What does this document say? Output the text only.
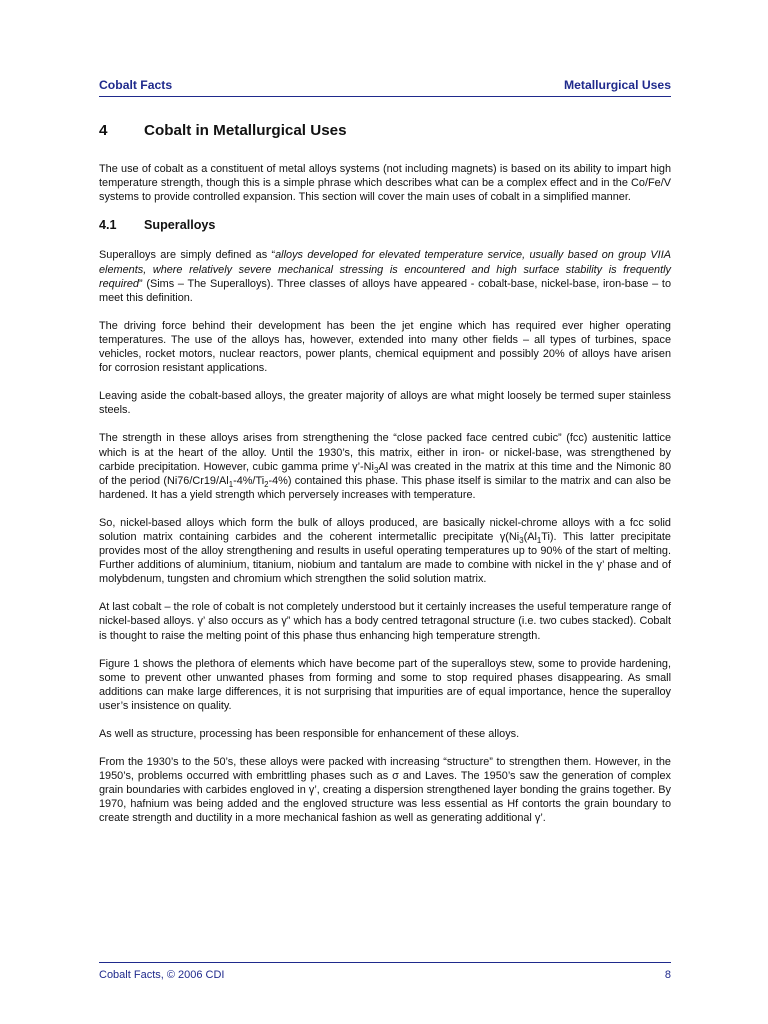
Cobalt Facts	Metallurgical Uses
4	Cobalt in Metallurgical Uses

The use of cobalt as a constituent of metal alloys systems (not including magnets) is based on its ability to impart high temperature strength, though this is a simple phrase which describes what can be a complex effect and in the Co/Fe/V systems to provide controlled expansion. This section will cover the main uses of cobalt in a simplified manner.

4.1	Superalloys

Superalloys are simply defined as “alloys developed for elevated temperature service, usually based on group VIIA elements, where relatively severe mechanical stressing is encountered and high surface stability is frequently required” (Sims – The Superalloys). Three classes of alloys have appeared - cobalt-base, nickel-base, iron-base – to meet this definition.

The driving force behind their development has been the jet engine which has required ever higher operating temperatures. The use of the alloys has, however, extended into many other fields – all types of turbines, space vehicles, rocket motors, nuclear reactors, power plants, chemical equipment and possibly 20% of alloys have arisen for corrosion resistant applications.

Leaving aside the cobalt-based alloys, the greater majority of alloys are what might loosely be termed super stainless steels.

The strength in these alloys arises from strengthening the “close packed face centred cubic” (fcc) austenitic lattice which is at the heart of the alloy. Until the 1930’s, this matrix, either in iron- or nickel-base, was strengthened by carbide precipitation. However, cubic gamma prime $\gamma’-Ni_3Al$ was created in the matrix at this time and the Nimonic 80 of the period $(Ni76/Cr19/Al_1-4\%/Ti_2-4\%)$ contained this phase. This phase itself is similar to the matrix and can also be hardened. It has a yield strength which perversely increases with temperature.

So, nickel-based alloys which form the bulk of alloys produced, are basically nickel-chrome alloys with a fcc solid solution matrix containing carbides and the coherent intermetallic precipitate $\gamma(Ni_3(Al_1Ti)$. This latter precipitate provides most of the alloy strengthening and results in useful operating temperatures up to 90% of the start of melting. Further additions of aluminium, titanium, niobium and tantalum are made to combine with nickel in the γ’ phase and of molybdenum, tungsten and chromium which strengthen the solid solution matrix.

At last cobalt – the role of cobalt is not completely understood but it certainly increases the useful temperature range of nickel-based alloys. γ’ also occurs as γ” which has a body centred tetragonal structure (i.e. two cubes stacked). Cobalt is thought to raise the melting point of this phase thus enhancing high temperature strength.

Figure 1 shows the plethora of elements which have become part of the superalloys stew, some to provide hardening, some to prevent other unwanted phases from forming and some to stop required phases disappearing. As small additions can make large differences, it is not surprising that impurities are of equal importance, hence the superalloy user’s insistence on quality.

As well as structure, processing has been responsible for enhancement of these alloys.

From the 1930’s to the 50’s, these alloys were packed with increasing “structure” to strengthen them. However, in the 1950’s, problems occurred with embrittling phases such as σ and Laves. The 1950’s saw the generation of complex grain boundaries with carbides engloved in γ’, creating a dispersion strengthened layer bonding the grains together. By 1970, hafnium was being added and the engloved structure was less essential as Hf contorts the grain boundary to create strength and ductility in a more mechanical fashion as well as generating additional γ’.

Cobalt Facts, © 2006 CDI	8
